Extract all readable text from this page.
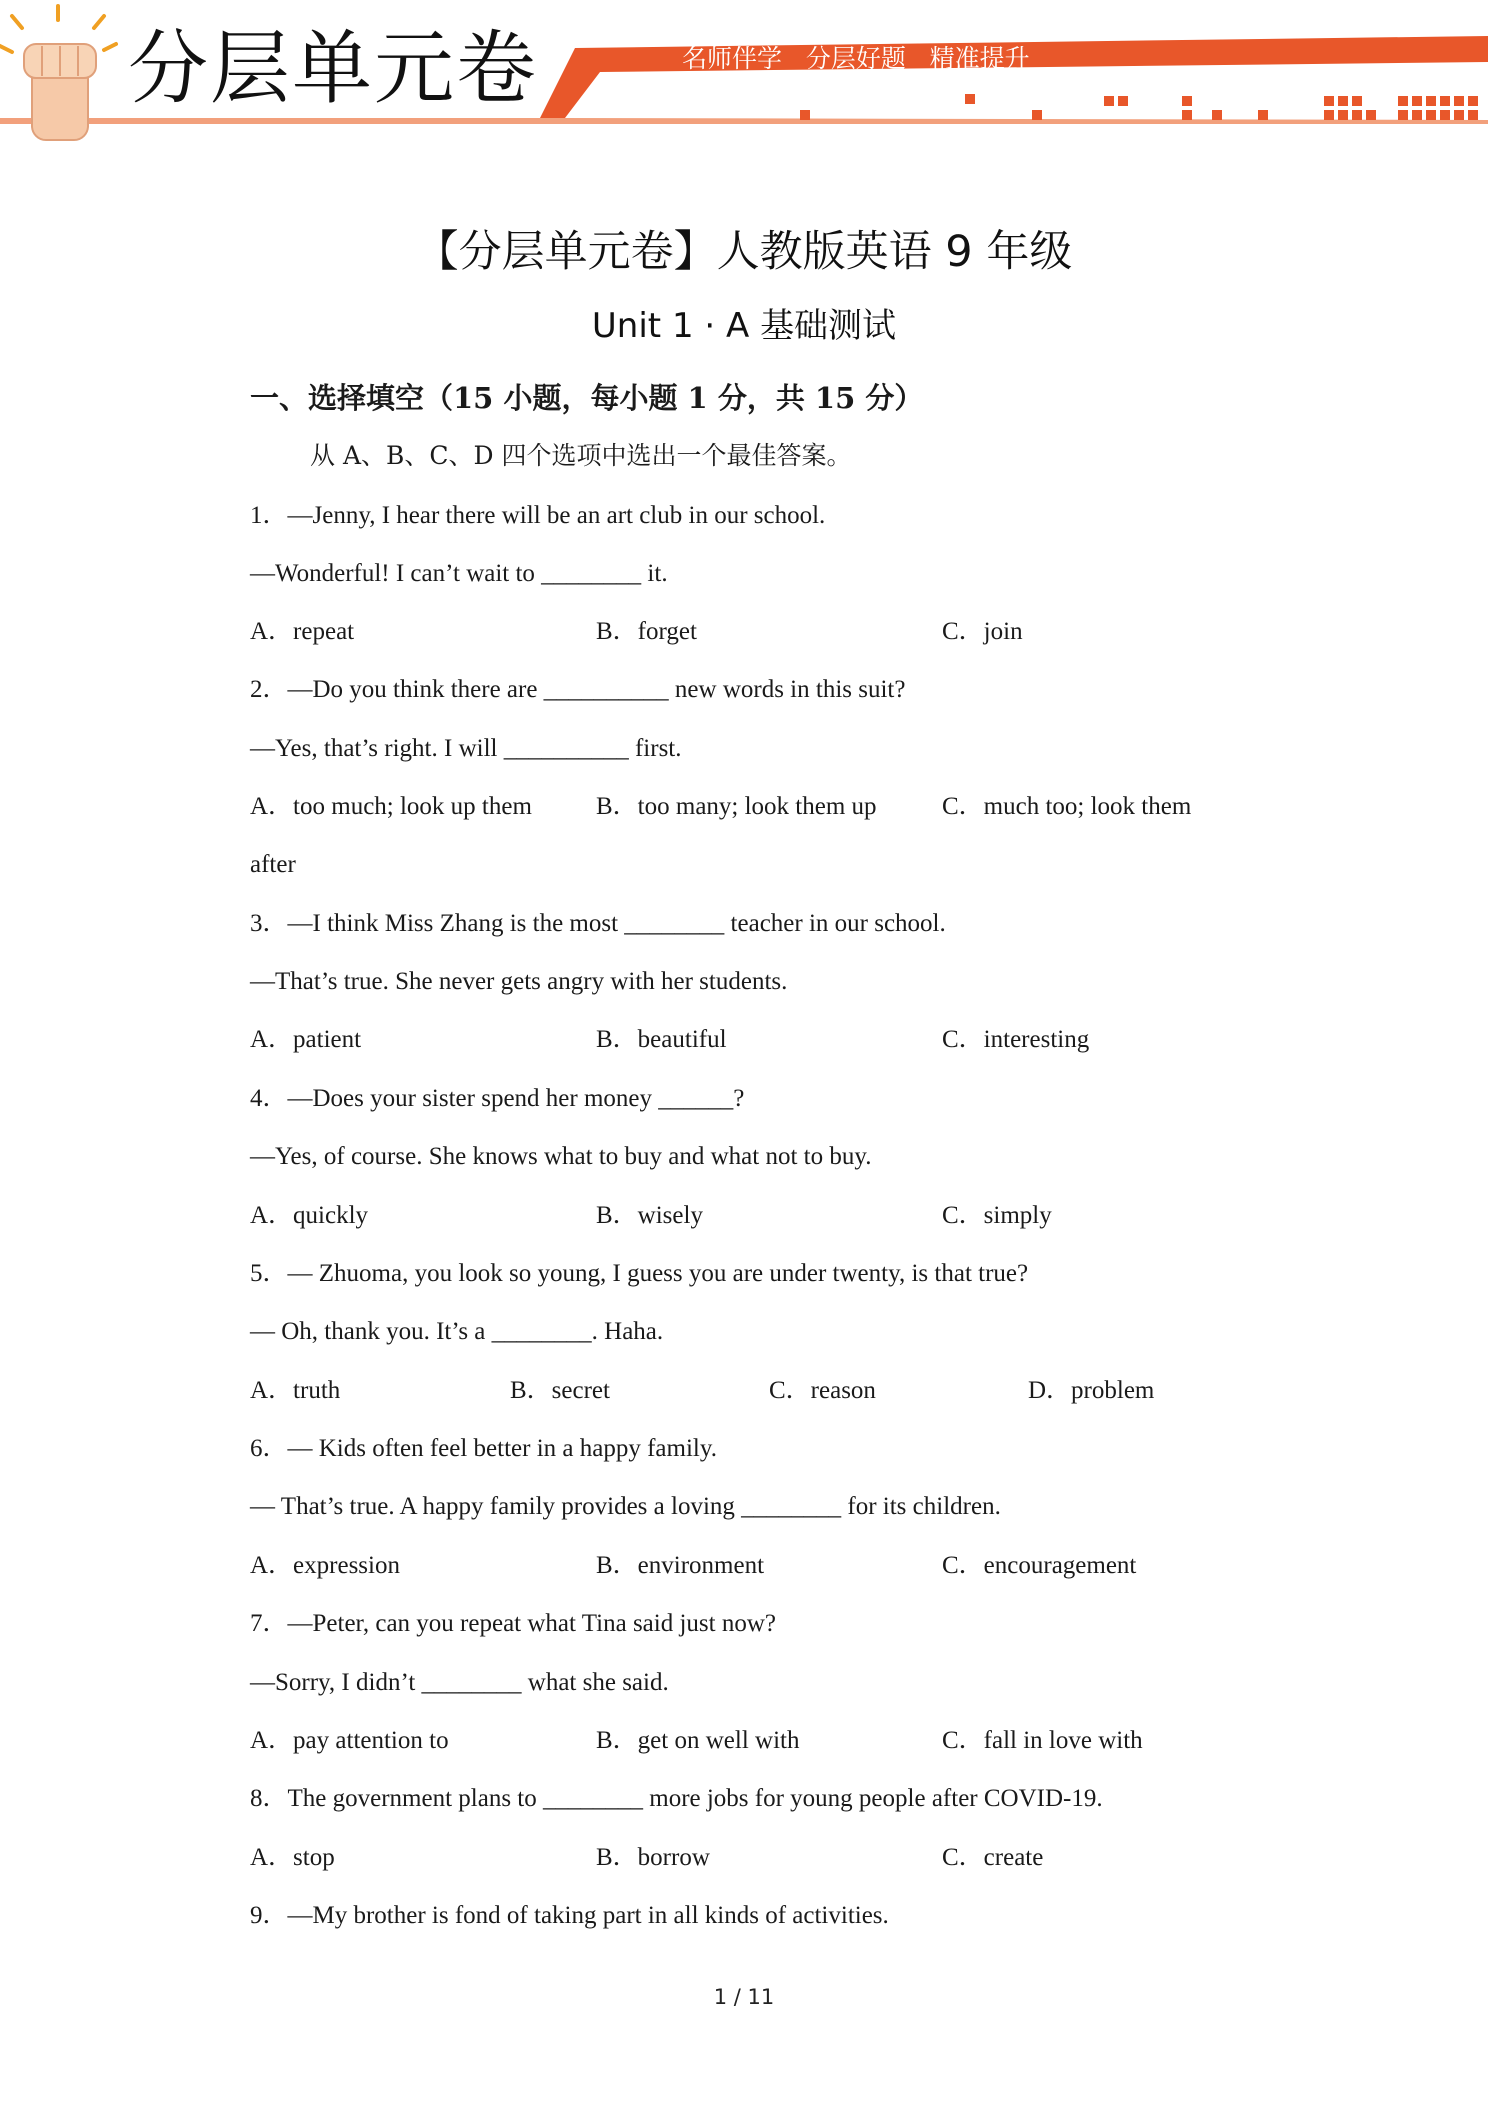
分层单元卷	名师伴学   分层好题   精准提升
【分层单元卷】人教版英语 9 年级
Unit 1 · A 基础测试
一、选择填空（15 小题，每小题 1 分，共 15 分）
从 A、B、C、D 四个选项中选出一个最佳答案。
1．—Jenny, I hear there will be an art club in our school.
—Wonderful! I can’t wait to ________ it.
A．repeat	B．forget	C．join
2．—Do you think there are __________ new words in this suit?
—Yes, that’s right. I will __________ first.
A．too much; look up them	B．too many; look them up	C．much too; look them
after
3．—I think Miss Zhang is the most ________ teacher in our school.
—That’s true. She never gets angry with her students.
A．patient	B．beautiful	C．interesting
4．—Does your sister spend her money ______?
—Yes, of course. She knows what to buy and what not to buy.
A．quickly	B．wisely	C．simply
5．— Zhuoma, you look so young, I guess you are under twenty, is that true?
— Oh, thank you. It’s a ________. Haha.
A．truth	B．secret	C．reason	D．problem
6．— Kids often feel better in a happy family.
— That’s true. A happy family provides a loving ________ for its children.
A．expression	B．environment	C．encouragement
7．—Peter, can you repeat what Tina said just now?
—Sorry, I didn’t ________ what she said.
A．pay attention to	B．get on well with	C．fall in love with
8．The government plans to ________ more jobs for young people after COVID-19.
A．stop	B．borrow	C．create
9．—My brother is fond of taking part in all kinds of activities.
1 / 11
